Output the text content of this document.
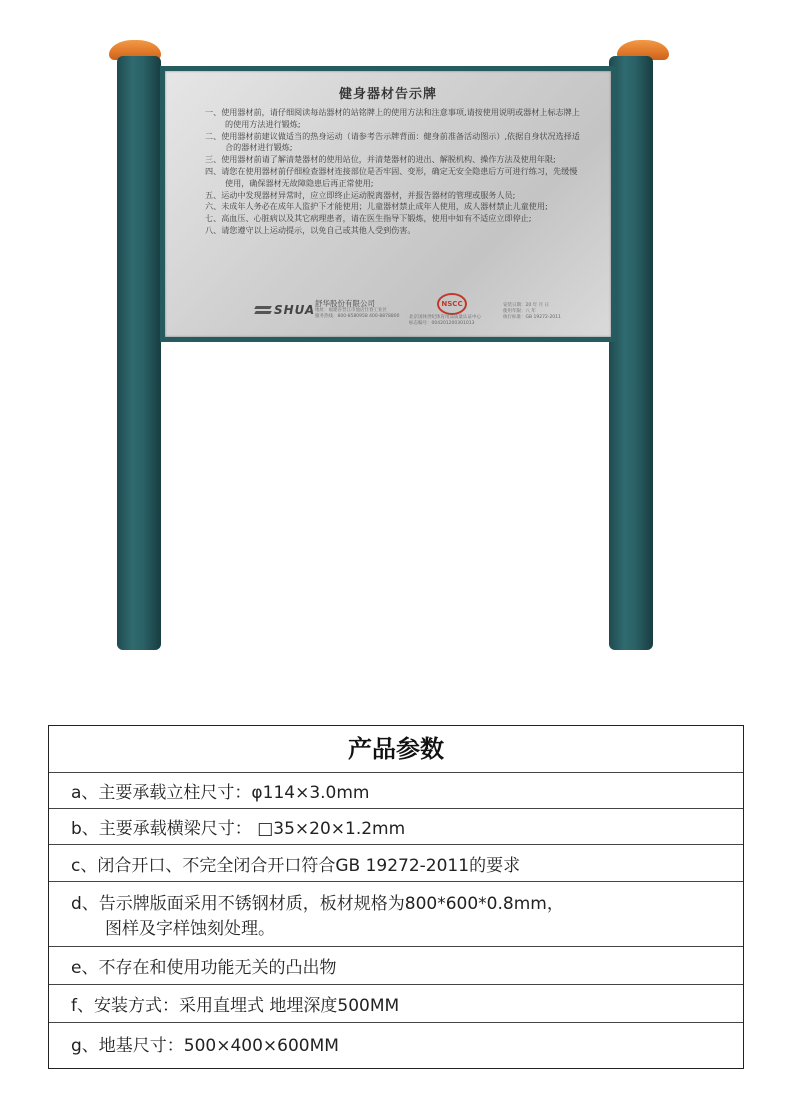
健身器材告示牌

一、使用器材前，请仔细阅读每站器材的站铭牌上的使用方法和注意事项,请按使用说明或器材上标志牌上的使用方法进行锻炼;

二、使用器材前建议做适当的热身运动（请参考告示牌背面：健身前准备活动图示）,依据自身状况选择适合的器材进行锻炼;

三、使用器材前请了解清楚器材的使用站位，并清楚器材的进出、解脱机构、操作方法及使用年限;

四、请您在使用器材前仔细检查器材连接部位是否牢固、变形，确定无安全隐患后方可进行练习，先缓慢使用，确保器材无故障隐患后再正常使用;

五、运动中发现器材异常时，应立即终止运动脱离器材，并报告器材的管理或服务人员;

六、未成年人务必在成年人监护下才能使用；儿童器材禁止成年人使用，成人器材禁止儿童使用;

七、高血压、心脏病以及其它病理患者，请在医生指导下锻炼，使用中如有不适应立即停止;

八、请您遵守以上运动提示，以免自己或其他人受到伤害。

SHUA 舒华股份有限公司
地址：福建省晋江市池店仕春工业区
服务热线：800-8580958 400-8878800
NSCC
北京国体世纪体育用品质量认证中心
标志编号：004201200301013
安装日期：20 年 月 日
使用年限：八 年
执行标准：GB 19272-2011
产品参数
a、主要承载立柱尺寸：φ114×3.0mm
b、主要承载横梁尺寸： □35×20×1.2mm
c、闭合开口、不完全闭合开口符合GB 19272-2011的要求
d、告示牌版面采用不锈钢材质，板材规格为800*600*0.8mm，
图样及字样蚀刻处理。
e、不存在和使用功能无关的凸出物
f、安装方式：采用直埋式 地埋深度500MM
g、地基尺寸：500×400×600MM
